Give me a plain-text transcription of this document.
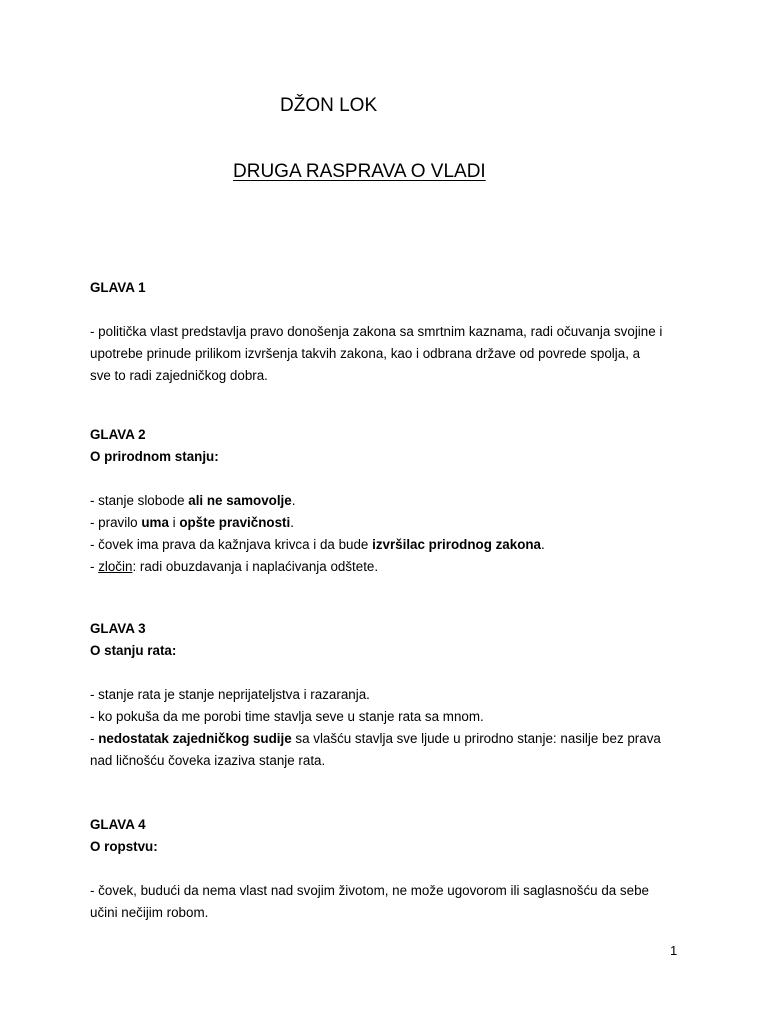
DŽON LOK
DRUGA RASPRAVA O VLADI

GLAVA 1

- politička vlast predstavlja pravo donošenja zakona sa smrtnim kaznama, radi očuvanja svojine i

upotrebe prinude prilikom izvršenja takvih zakona, kao i odbrana države od povrede spolja, a

sve to radi zajedničkog dobra.

GLAVA 2

O prirodnom stanju:

- stanje slobode ali ne samovolje.

- pravilo uma i opšte pravičnosti.

- čovek ima prava da kažnjava krivca i da bude izvršilac prirodnog zakona.

- zločin: radi obuzdavanja i naplaćivanja odštete.

GLAVA 3

O stanju rata:

- stanje rata je stanje neprijateljstva i razaranja.

- ko pokuša da me porobi time stavlja seve u stanje rata sa mnom.

- nedostatak zajedničkog sudije sa vlašću stavlja sve ljude u prirodno stanje: nasilje bez prava

nad ličnošću čoveka izaziva stanje rata.

GLAVA 4

O ropstvu:

- čovek, budući da nema vlast nad svojim životom, ne može ugovorom ili saglasnošću da sebe

učini nečijim robom.

1
